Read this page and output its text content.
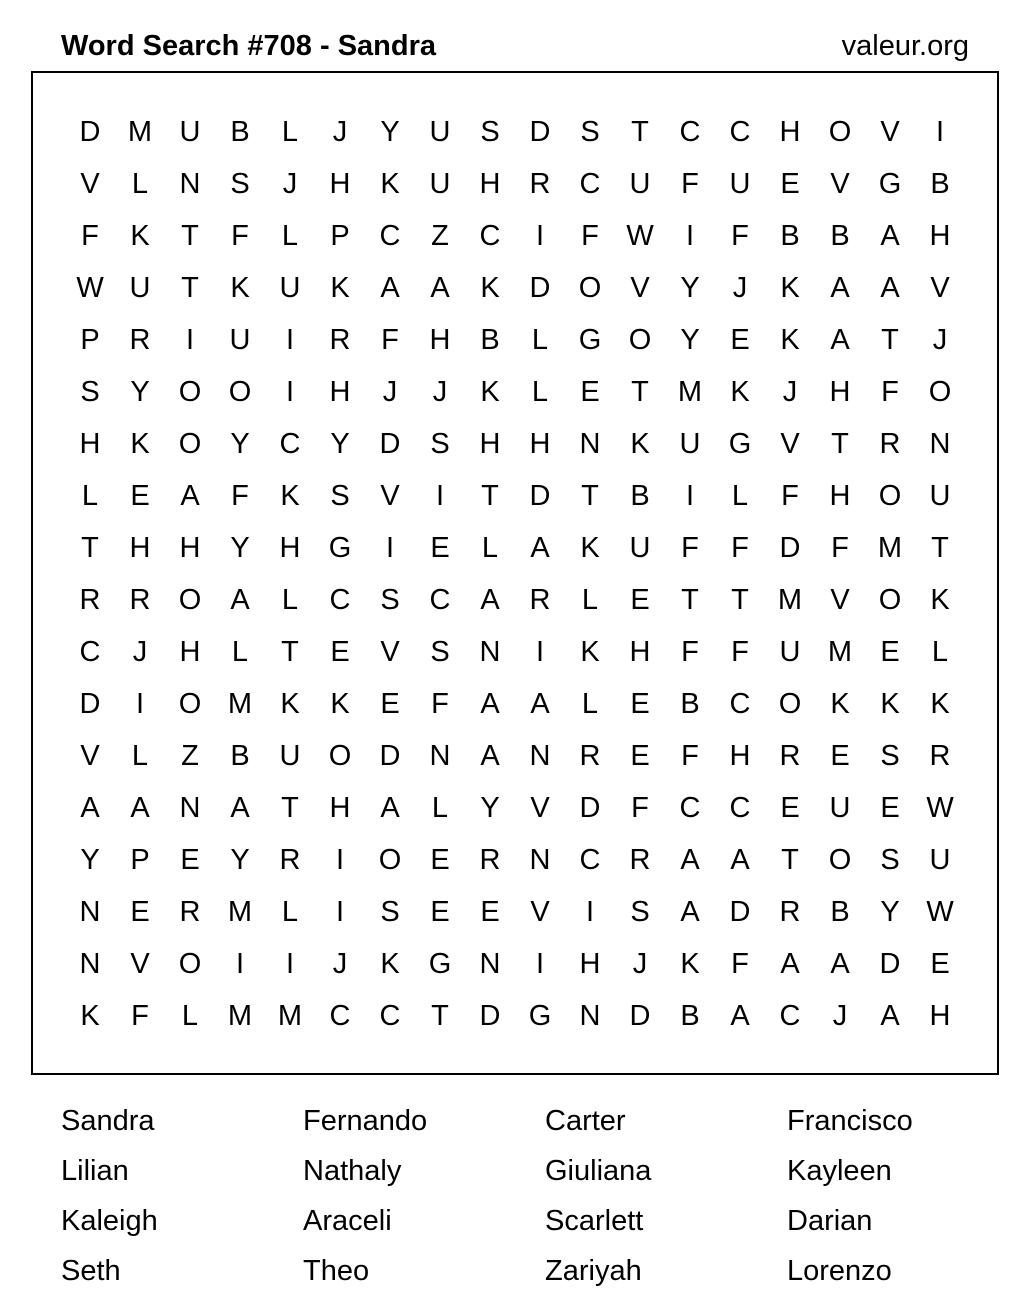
Word Search #708 - Sandra	valeur.org
D M U	B	L	J	Y	U	S	D	S	T	C	C	H O	V	I
V	L	N	S	J	H	K	U	H	R	C	U	F	U	E	V	G	B
F	K	T	F	L	P	C	Z	C	I	F W	I	F	B	B	A	H
W U	T	K	U	K	A	A	K	D O	V	Y	J	K	A	A	V
P	R	I	U	I	R	F	H	B	L	G O	Y	E	K	A	T	J
S	Y	O O	I	H	J	J	K	L	E	T	M K	J	H	F	O
H	K	O	Y	C	Y	D	S	H	H	N	K	U G	V	T	R	N
L	E	A	F	K	S	V	I	T	D	T	B	I	L	F	H O U
T	H	H	Y	H G	I	E	L	A	K	U	F	F	D	F	M	T
R	R O	A	L	C	S	C	A	R	L	E	T	T	M V	O	K
C	J	H	L	T	E	V	S	N	I	K	H	F	F	U M E	L
D	I	O M K	K	E	F	A	A	L	E	B	C O	K	K	K
V	L	Z	B	U O D	N	A	N	R	E	F	H	R	E	S	R
A	A	N	A	T	H	A	L	Y	V	D	F	C	C	E	U	E W
Y	P	E	Y	R	I	O	E	R	N	C	R	A	A	T	O	S	U
N	E	R M	L	I	S	E	E	V	I	S	A	D	R	B	Y W
N	V	O	I	I	J	K	G N	I	H	J	K	F	A	A	D	E
K	F	L	M M C	C	T	D G N	D	B	A	C	J	A	H
Sandra	Fernando	Carter	Francisco
Lilian	Nathaly	Giuliana	Kayleen
Kaleigh	Araceli	Scarlett	Darian
Seth	Theo	Zariyah	Lorenzo
